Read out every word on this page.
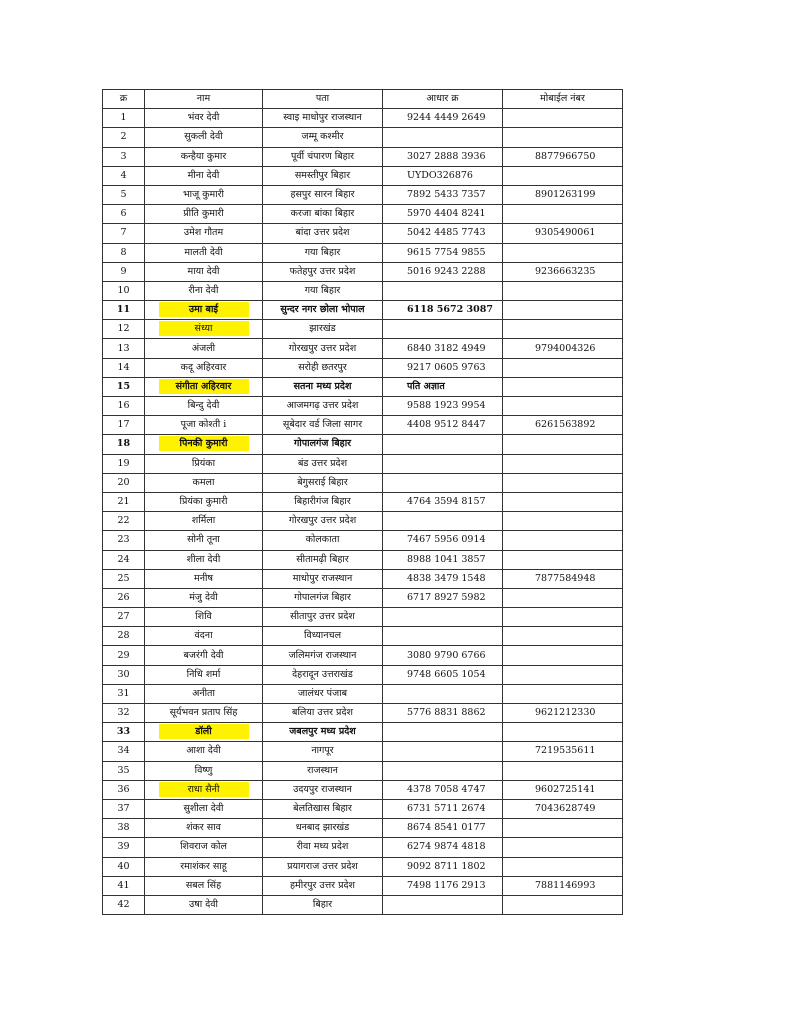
क्र	नाम	पता	आधार क्र	मोबाईल नंबर
1	भंवर देवी	स्वाइ माधोपुर राजस्थान	9244 4449 2649	
2	सुकली देवी	जम्मू कश्मीर		
3	कन्हैया कुमार	पूर्वी चंपारण बिहार	3027 2888 3936	8877966750
4	मीना देवी	समस्तीपुर बिहार	UYDO326876	
5	भाजू कुमारी	हसपुर सारन बिहार	7892 5433 7357	8901263199
6	प्रीति कुमारी	करजा बांका बिहार	5970 4404 8241	
7	उमेश गौतम	बांदा उत्तर प्रदेश	5042 4485 7743	9305490061
8	मालती देवी	गया बिहार	9615 7754 9855	
9	माया देवी	फतेहपुर उत्तर प्रदेश	5016 9243 2288	9236663235
10	रीना देवी	गया बिहार		
11	उमा बाई	सुन्दर नगर छोला भोपाल	6118 5672 3087	
12	संध्या	झारखंड		
13	अंजली	गोरखपुर उत्तर प्रदेश	6840 3182 4949	9794004326
14	कदू अहिरवार	सरोही छतरपुर	9217 0605 9763	
15	संगीता अहिरवार	सतना मध्य प्रदेश	पति अज्ञात	
16	बिन्दु देवी	आजमगढ़ उत्तर प्रदेश	9588 1923 9954	
17	पूजा कोश्ती i	सूबेदार वर्ड जिला सागर	4408 9512 8447	6261563892
18	पिनकी कुमारी	गोपालगंज बिहार		
19	प्रियंका	बंड उत्तर प्रदेश		
20	कमला	बेगुसराई बिहार		
21	प्रियंका कुमारी	बिहारीगंज बिहार	4764 3594 8157	
22	शर्मिला	गोरखपुर उत्तर प्रदेश		
23	सोनी तूना	कोलकाता	7467 5956 0914	
24	शीला देवी	सीतामढ़ी बिहार	8988 1041 3857	
25	मनीष	माधोपुर राजस्थान	4838 3479 1548	7877584948
26	मंजु देवी	गोपालगंज बिहार	6717 8927 5982	
27	शिवि	सीतापुर उत्तर प्रदेश		
28	वंदना	विध्यानचल		
29	बजरंगी देवी	जलिमगंज राजस्थान	3080 9790 6766	
30	निधि शर्मा	देहरादून उत्तराखंड	9748 6605 1054	
31	अनीता	जालंधर पंजाब		
32	सूर्यभवन प्रताप सिंह	बलिया उत्तर प्रदेश	5776 8831 8862	9621212330
33	डॉली	जबलपुर मध्य प्रदेश		
34	आशा देवी	नागपूर		7219535611
35	विष्णु	राजस्थान		
36	राधा सैनी	उदयपुर राजस्थान	4378 7058 4747	9602725141
37	सुशीला देवी	बेलतिखास बिहार	6731 5711 2674	7043628749
38	शंकर साव	धनबाद झारखंड	8674 8541 0177	
39	शिवराज कोल	रीवा मध्य प्रदेश	6274 9874 4818	
40	रमाशंकर साहू	प्रयागराज उत्तर प्रदेश	9092 8711 1802	
41	सबल सिंह	हमीरपुर उत्तर प्रदेश	7498 1176 2913	7881146993
42	उषा देवी	बिहार		
